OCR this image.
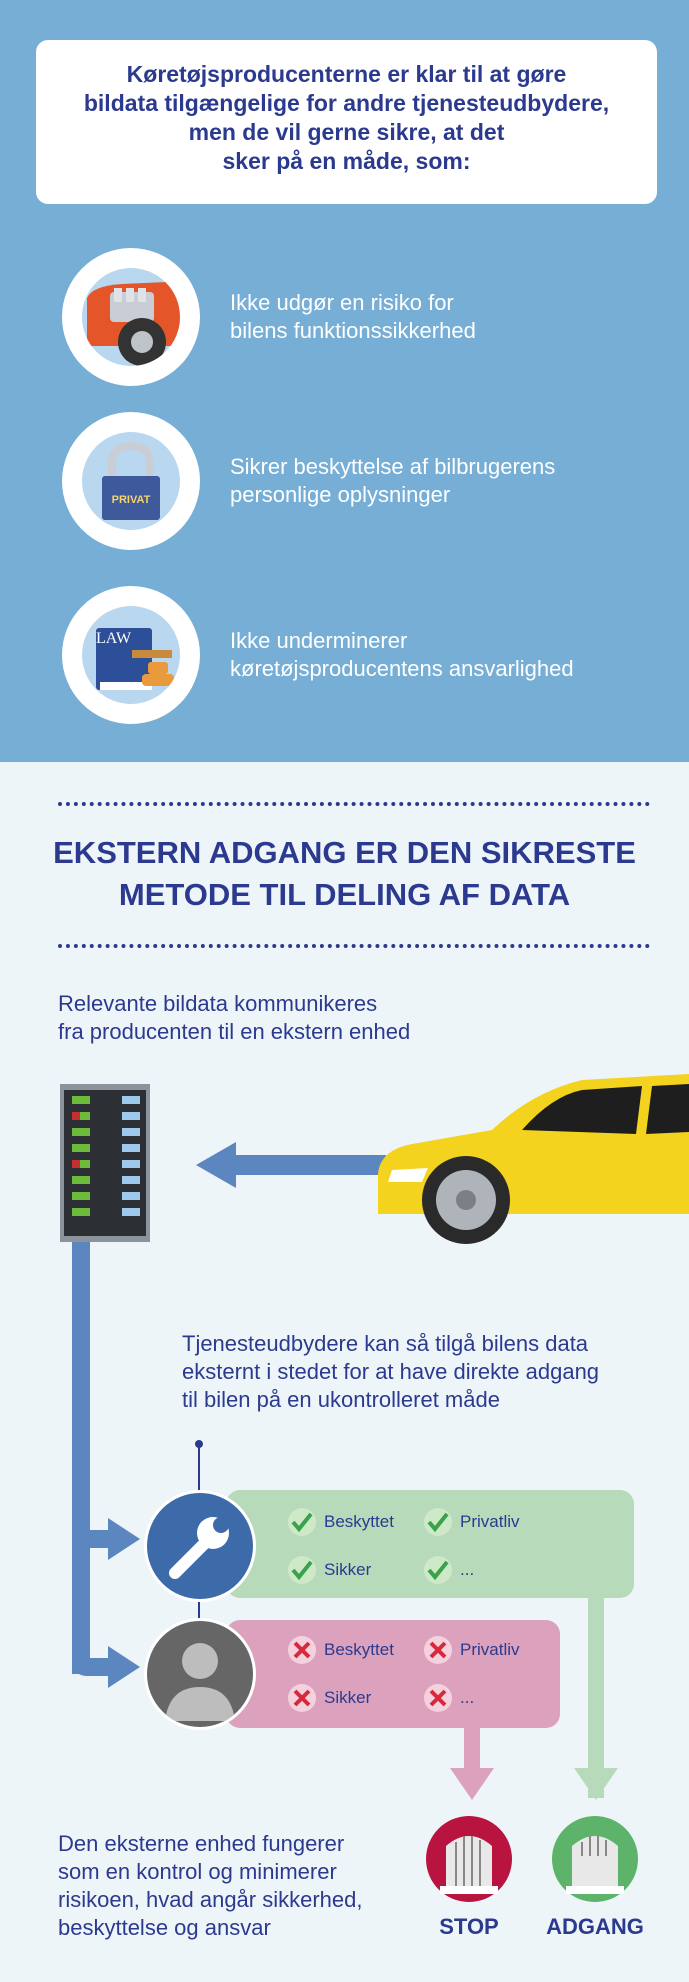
Køretøjsproducenterne er klar til at gøre
bildata tilgængelige for andre tjenesteudbydere,
men de vil gerne sikre, at det
sker på en måde, som:
Ikke udgør en risiko for
bilens funktionssikkerhed
PRIVAT
Sikrer beskyttelse af bilbrugerens
personlige oplysninger
LAW	Ikke underminerer
køretøjsproducentens ansvarlighed
EKSTERN ADGANG ER DEN SIKRESTE
METODE TIL DELING AF DATA
Relevante bildata kommunikeres
fra producenten til en ekstern enhed
Tjenesteudbydere kan så tilgå bilens data
eksternt i stedet for at have direkte adgang
til bilen på en ukontrolleret måde
Beskyttet	Privatliv
Sikker	...
Beskyttet	Privatliv
Sikker	...
Den eksterne enhed fungerer
som en kontrol og minimerer
risikoen, hvad angår sikkerhed,
beskyttelse og ansvar	STOP	ADGANG
